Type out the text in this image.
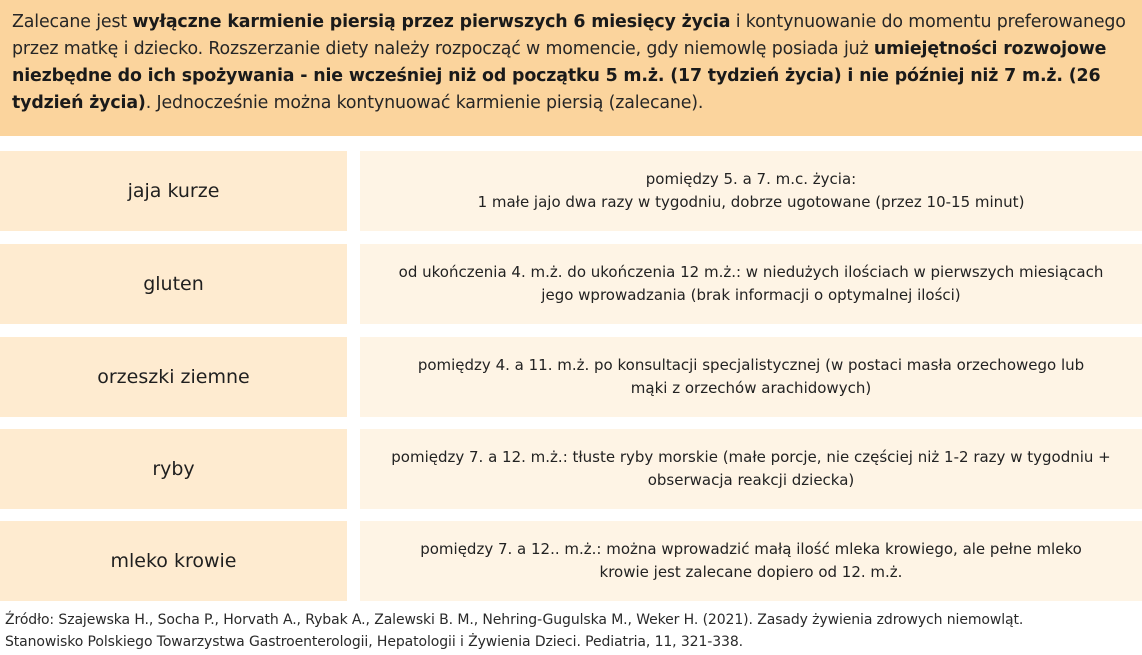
Zalecane jest wyłączne karmienie piersią przez pierwszych 6 miesięcy życia i kontynuowanie do momentu preferowanego przez matkę i dziecko. Rozszerzanie diety należy rozpocząć w momencie, gdy niemowlę posiada już umiejętności rozwojowe niezbędne do ich spożywania - nie wcześniej niż od początku 5 m.ż. (17 tydzień życia) i nie później niż 7 m.ż. (26 tydzień życia). Jednocześnie można kontynuować karmienie piersią (zalecane).
jaja kurze
pomiędzy 5. a 7. m.c. życia:
1 małe jajo dwa razy w tygodniu, dobrze ugotowane (przez 10-15 minut)
gluten
od ukończenia 4. m.ż. do ukończenia 12 m.ż.: w niedużych ilościach w pierwszych miesiącach
jego wprowadzania (brak informacji o optymalnej ilości)
orzeszki ziemne
pomiędzy 4. a 11. m.ż. po konsultacji specjalistycznej (w postaci masła orzechowego lub
mąki z orzechów arachidowych)
ryby
pomiędzy 7. a 12. m.ż.: tłuste ryby morskie (małe porcje, nie częściej niż 1-2 razy w tygodniu +
obserwacja reakcji dziecka)
mleko krowie
pomiędzy 7. a 12.. m.ż.: można wprowadzić małą ilość mleka krowiego, ale pełne mleko
krowie jest zalecane dopiero od 12. m.ż.
Źródło: Szajewska H., Socha P., Horvath A., Rybak A., Zalewski B. M., Nehring-Gugulska M., Weker H. (2021). Zasady żywienia zdrowych niemowląt.
Stanowisko Polskiego Towarzystwa Gastroenterologii, Hepatologii i Żywienia Dzieci. Pediatria, 11, 321-338.
